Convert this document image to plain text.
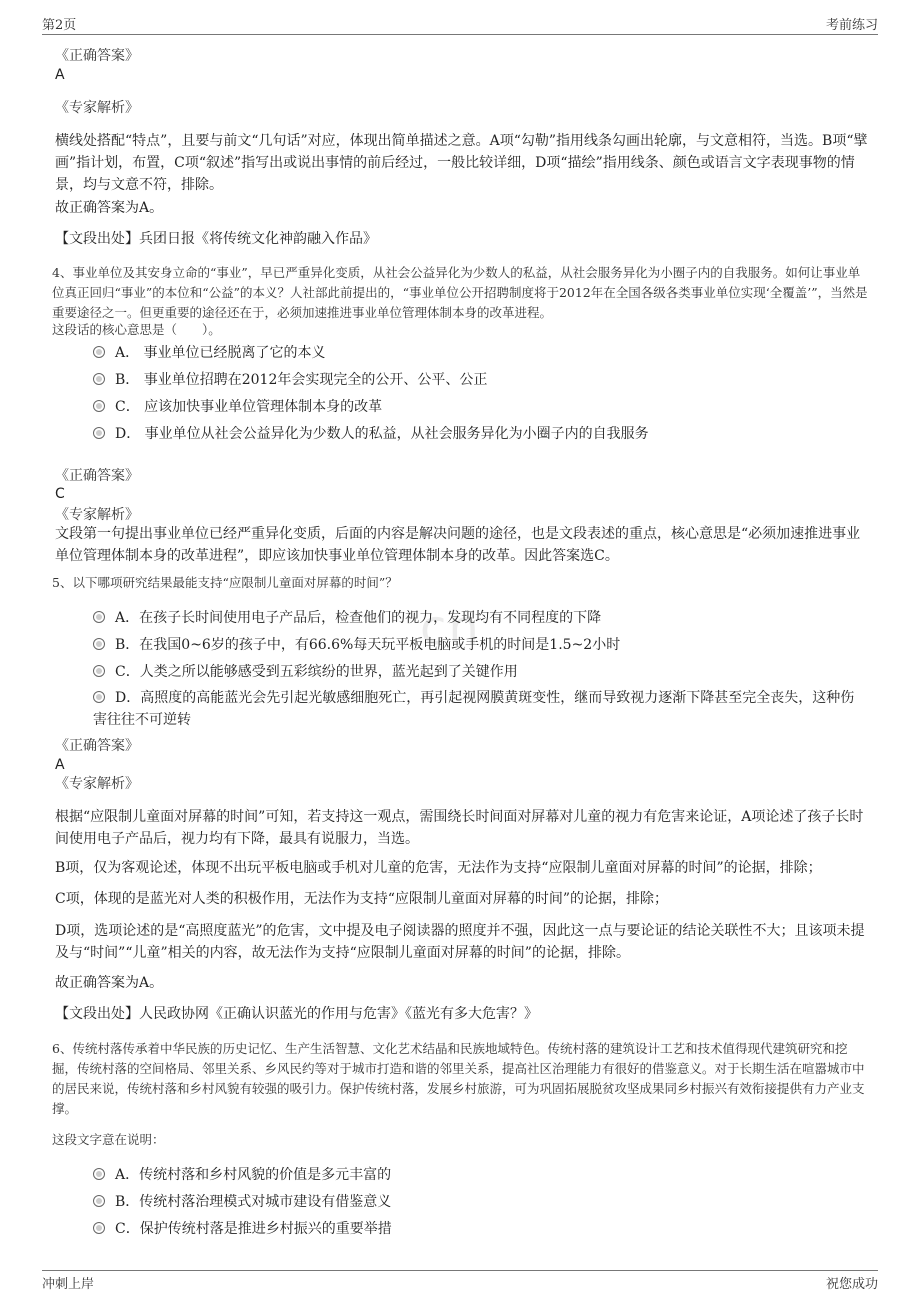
第2页	考前练习
cn
《正确答案》
A
《专家解析》
横线处搭配“特点”，且要与前文“几句话”对应，体现出简单描述之意。A项“勾勒”指用线条勾画出轮廓，与文意相符，当选。B项“擘画”指计划，布置，C项“叙述”指写出或说出事情的前后经过，一般比较详细，D项“描绘”指用线条、颜色或语言文字表现事物的情景，均与文意不符，排除。
故正确答案为A。
【文段出处】兵团日报《将传统文化神韵融入作品》
4、事业单位及其安身立命的“事业”，早已严重异化变质，从社会公益异化为少数人的私益，从社会服务异化为小圈子内的自我服务。如何让事业单位真正回归“事业”的本位和“公益”的本义？人社部此前提出的，“事业单位公开招聘制度将于2012年在全国各级各类事业单位实现‘全覆盖’”，当然是重要途径之一。但更重要的途径还在于，必须加速推进事业单位管理体制本身的改革进程。
这段话的核心意思是（　　）。
A． 事业单位已经脱离了它的本义
B． 事业单位招聘在2012年会实现完全的公开、公平、公正
C． 应该加快事业单位管理体制本身的改革
D． 事业单位从社会公益异化为少数人的私益，从社会服务异化为小圈子内的自我服务
《正确答案》
C
《专家解析》
文段第一句提出事业单位已经严重异化变质，后面的内容是解决问题的途径，也是文段表述的重点，核心意思是“必须加速推进事业单位管理体制本身的改革进程”，即应该加快事业单位管理体制本身的改革。因此答案选C。
5、以下哪项研究结果最能支持“应限制儿童面对屏幕的时间”？
A．在孩子长时间使用电子产品后，检查他们的视力，发现均有不同程度的下降
B．在我国0~6岁的孩子中，有66.6%每天玩平板电脑或手机的时间是1.5~2小时
C．人类之所以能够感受到五彩缤纷的世界，蓝光起到了关键作用
D．高照度的高能蓝光会先引起光敏感细胞死亡，再引起视网膜黄斑变性，继而导致视力逐渐下降甚至完全丧失，这种伤害往往不可逆转
《正确答案》
A
《专家解析》
根据“应限制儿童面对屏幕的时间”可知，若支持这一观点，需围绕长时间面对屏幕对儿童的视力有危害来论证，A项论述了孩子长时间使用电子产品后，视力均有下降，最具有说服力，当选。
B项，仅为客观论述，体现不出玩平板电脑或手机对儿童的危害，无法作为支持“应限制儿童面对屏幕的时间”的论据，排除；
C项，体现的是蓝光对人类的积极作用，无法作为支持“应限制儿童面对屏幕的时间”的论据，排除；
D项，选项论述的是“高照度蓝光”的危害，文中提及电子阅读器的照度并不强，因此这一点与要论证的结论关联性不大；且该项未提及与“时间”“儿童”相关的内容，故无法作为支持“应限制儿童面对屏幕的时间”的论据，排除。
故正确答案为A。
【文段出处】人民政协网《正确认识蓝光的作用与危害》《蓝光有多大危害？》
6、传统村落传承着中华民族的历史记忆、生产生活智慧、文化艺术结晶和民族地域特色。传统村落的建筑设计工艺和技术值得现代建筑研究和挖掘，传统村落的空间格局、邻里关系、乡风民约等对于城市打造和谐的邻里关系，提高社区治理能力有很好的借鉴意义。对于长期生活在喧嚣城市中的居民来说，传统村落和乡村风貌有较强的吸引力。保护传统村落，发展乡村旅游，可为巩固拓展脱贫攻坚成果同乡村振兴有效衔接提供有力产业支撑。
这段文字意在说明：
A．传统村落和乡村风貌的价值是多元丰富的
B．传统村落治理模式对城市建设有借鉴意义
C．保护传统村落是推进乡村振兴的重要举措
冲刺上岸	祝您成功
